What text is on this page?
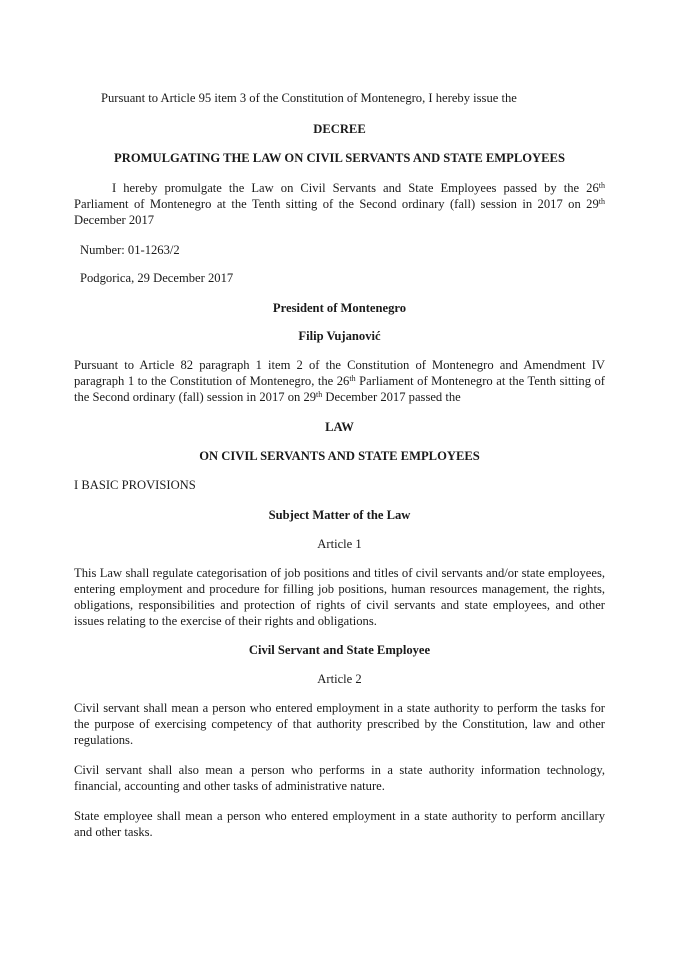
Pursuant to Article 95 item 3 of the Constitution of Montenegro, I hereby issue the
DECREE
PROMULGATING THE LAW ON CIVIL SERVANTS AND STATE EMPLOYEES
I hereby promulgate the Law on Civil Servants and State Employees passed by the 26th Parliament of Montenegro at the Tenth sitting of the Second ordinary (fall) session in 2017 on 29th December 2017
Number: 01-1263/2
Podgorica, 29 December 2017
President of Montenegro
Filip Vujanović
Pursuant to Article 82 paragraph 1 item 2 of the Constitution of Montenegro and Amendment IV paragraph 1 to the Constitution of Montenegro, the 26th Parliament of Montenegro at the Tenth sitting of the Second ordinary (fall) session in 2017 on 29th December 2017 passed the
LAW
ON CIVIL SERVANTS AND STATE EMPLOYEES
I BASIC PROVISIONS
Subject Matter of the Law
Article 1
This Law shall regulate categorisation of job positions and titles of civil servants and/or state employees, entering employment and procedure for filling job positions, human resources management, the rights, obligations, responsibilities and protection of rights of civil servants and state employees, and other issues relating to the exercise of their rights and obligations.
Civil Servant and State Employee
Article 2
Civil servant shall mean a person who entered employment in a state authority to perform the tasks for the purpose of exercising competency of that authority prescribed by the Constitution, law and other regulations.
Civil servant shall also mean a person who performs in a state authority information technology, financial, accounting and other tasks of administrative nature.
State employee shall mean a person who entered employment in a state authority to perform ancillary and other tasks.
